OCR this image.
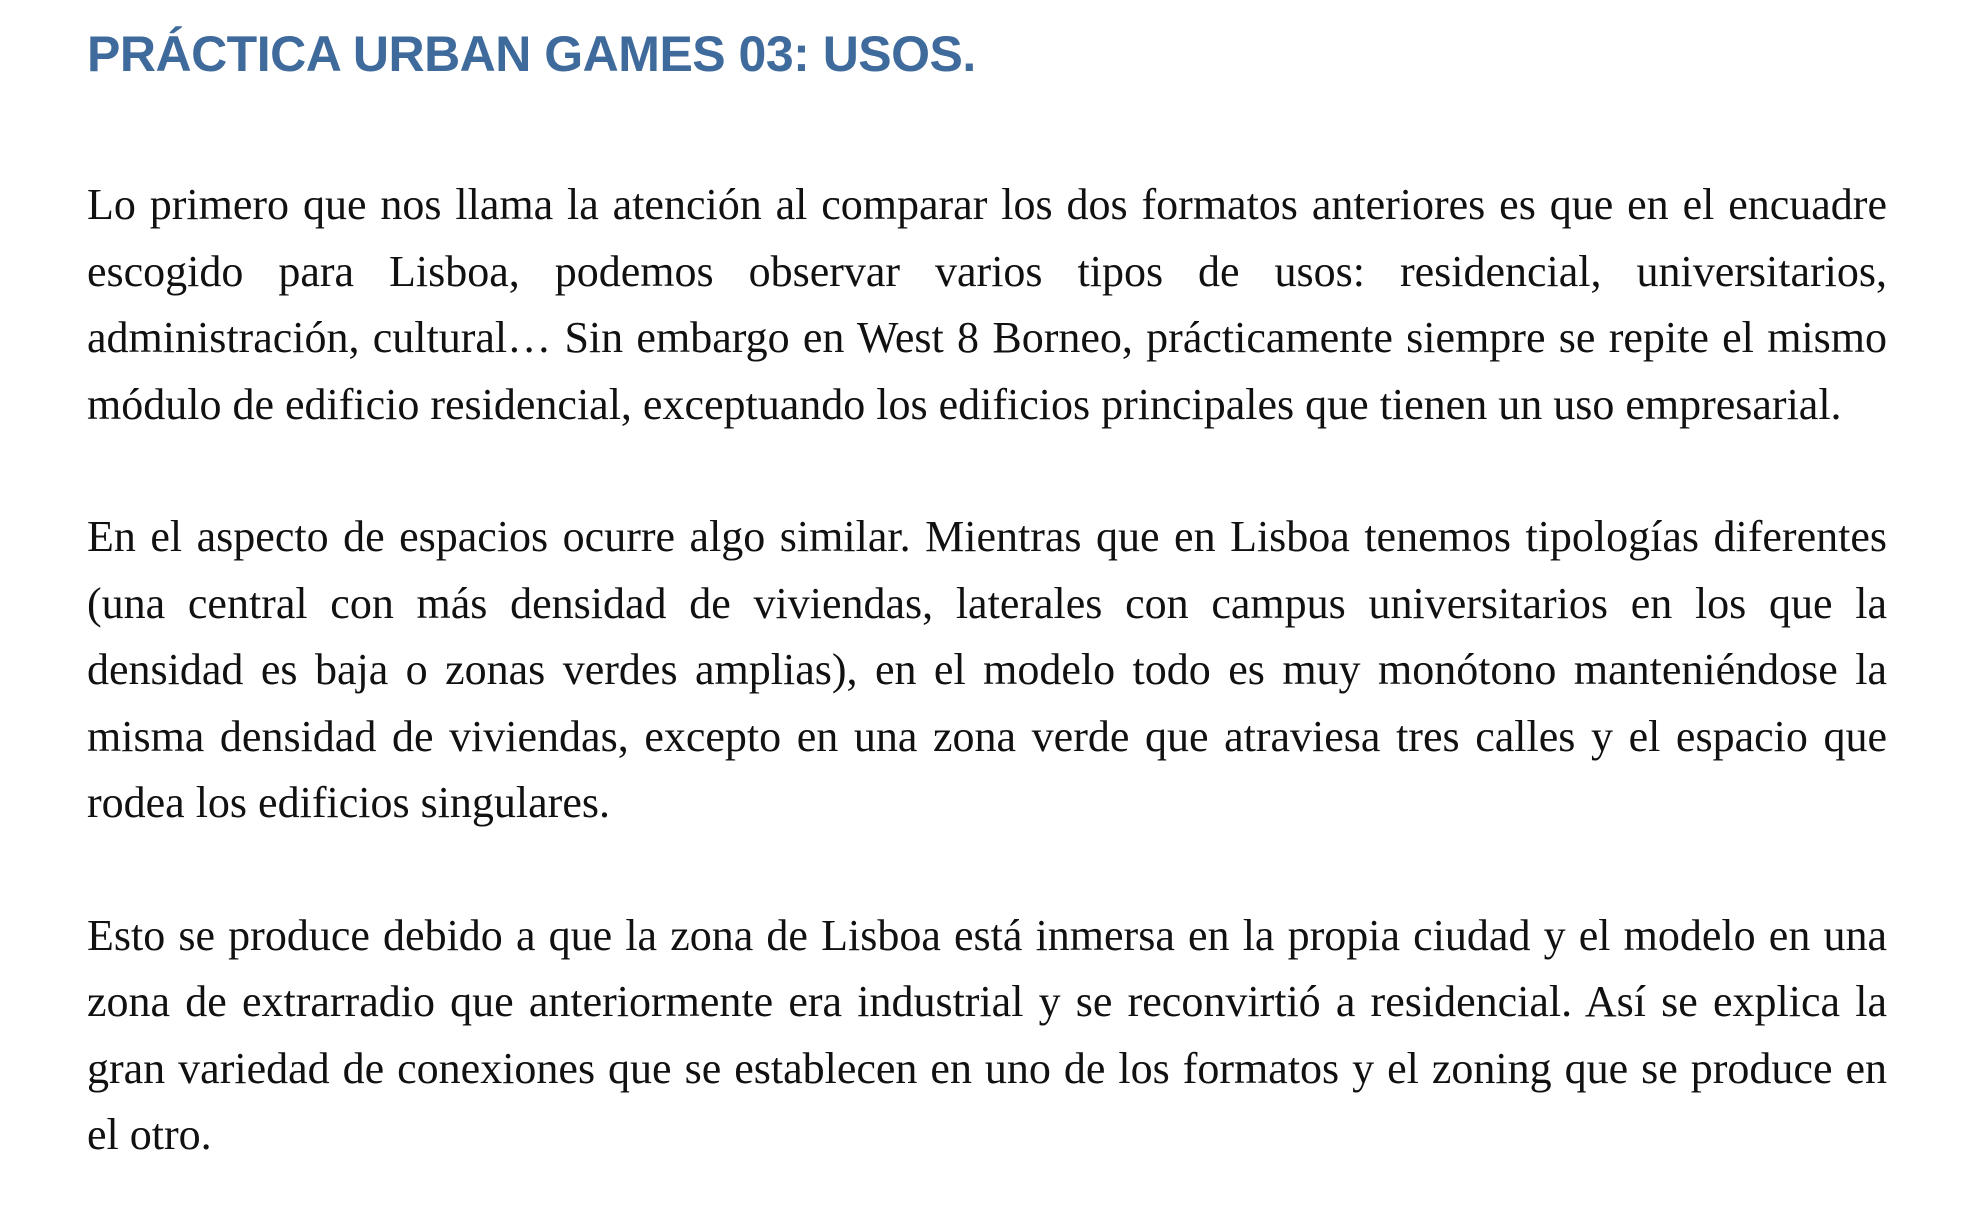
PRÁCTICA URBAN GAMES 03: USOS.

Lo primero que nos llama la atención al comparar los dos formatos anteriores es que en el encuadre escogido para Lisboa, podemos observar varios tipos de usos: residencial, universitarios, administración, cultural… Sin embargo en West 8 Borneo, prácticamente siempre se repite el mismo módulo de edificio residencial, exceptuando los edificios principales que tienen un uso empresarial.

En el aspecto de espacios ocurre algo similar. Mientras que en Lisboa tenemos tipologías diferentes (una central con más densidad de viviendas, laterales con campus universitarios en los que la densidad es baja o zonas verdes amplias), en el modelo todo es muy monótono manteniéndose la misma densidad de viviendas, excepto en una zona verde que atraviesa tres calles y el espacio que rodea los edificios singulares.

Esto se produce debido a que la zona de Lisboa está inmersa en la propia ciudad y el modelo en una zona de extrarradio que anteriormente era industrial y se reconvirtió a residencial. Así se explica la gran variedad de conexiones que se establecen en uno de los formatos y el zoning que se produce en el otro.
